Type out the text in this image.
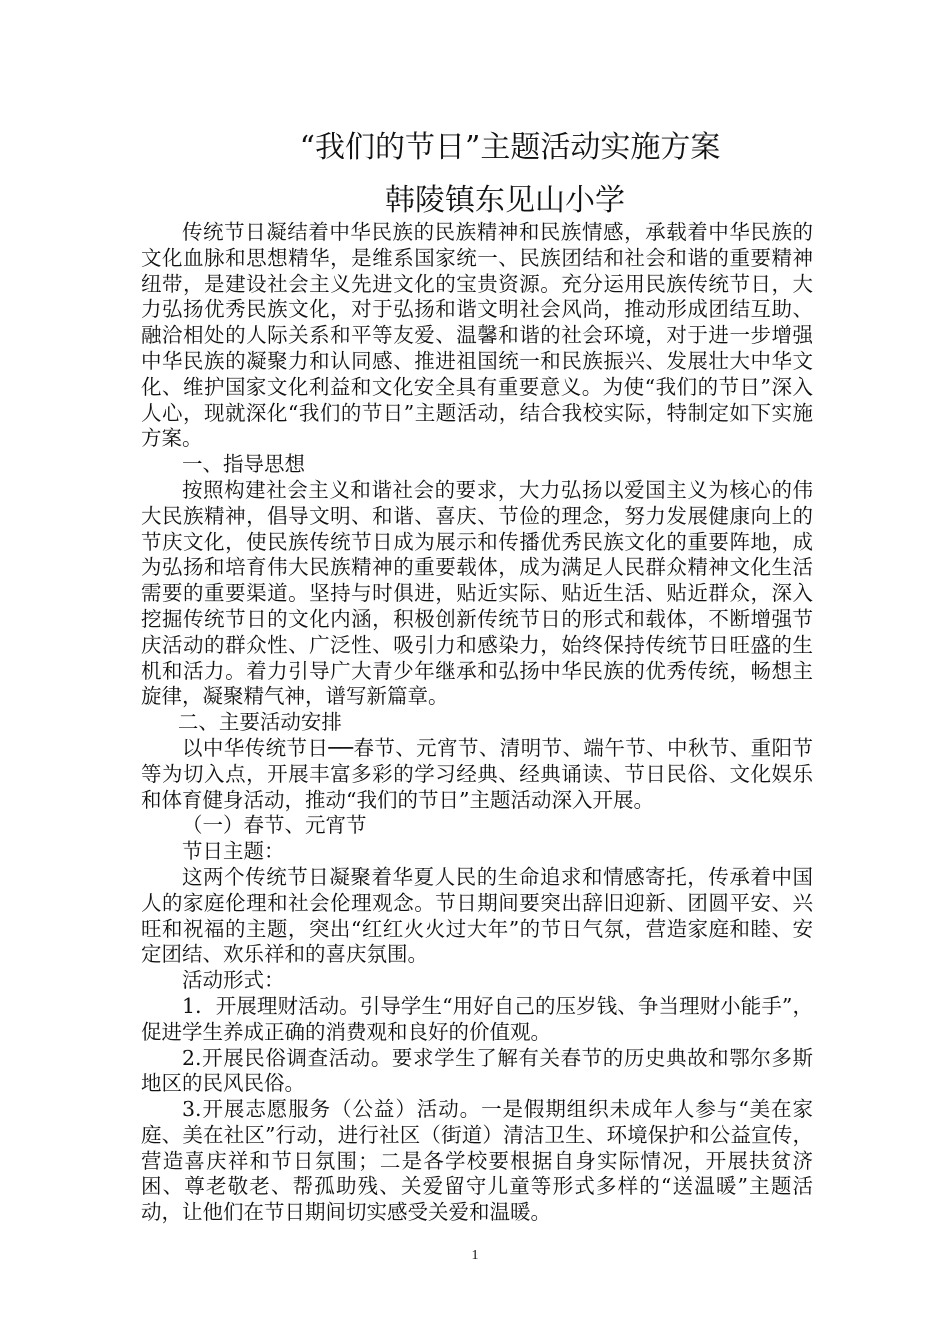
“我们的节日”主题活动实施方案
韩陵镇东见山小学

传统节日凝结着中华民族的民族精神和民族情感，承载着中华民族的文化血脉和思想精华，是维系国家统一、民族团结和社会和谐的重要精神纽带，是建设社会主义先进文化的宝贵资源。充分运用民族传统节日，大力弘扬优秀民族文化，对于弘扬和谐文明社会风尚，推动形成团结互助、融洽相处的人际关系和平等友爱、温馨和谐的社会环境，对于进一步增强中华民族的凝聚力和认同感、推进祖国统一和民族振兴、发展壮大中华文化、维护国家文化利益和文化安全具有重要意义。为使“我们的节日”深入人心，现就深化“我们的节日”主题活动，结合我校实际，特制定如下实施方案。

一、指导思想

按照构建社会主义和谐社会的要求，大力弘扬以爱国主义为核心的伟大民族精神，倡导文明、和谐、喜庆、节俭的理念，努力发展健康向上的节庆文化，使民族传统节日成为展示和传播优秀民族文化的重要阵地，成为弘扬和培育伟大民族精神的重要载体，成为满足人民群众精神文化生活需要的重要渠道。坚持与时俱进，贴近实际、贴近生活、贴近群众，深入挖掘传统节日的文化内涵，积极创新传统节日的形式和载体，不断增强节庆活动的群众性、广泛性、吸引力和感染力，始终保持传统节日旺盛的生机和活力。着力引导广大青少年继承和弘扬中华民族的优秀传统，畅想主旋律，凝聚精气神，谱写新篇章。

二、主要活动安排

以中华传统节日──春节、元宵节、清明节、端午节、中秋节、重阳节等为切入点，开展丰富多彩的学习经典、经典诵读、节日民俗、文化娱乐和体育健身活动，推动“我们的节日”主题活动深入开展。

（一）春节、元宵节

节日主题：

这两个传统节日凝聚着华夏人民的生命追求和情感寄托，传承着中国人的家庭伦理和社会伦理观念。节日期间要突出辞旧迎新、团圆平安、兴旺和祝福的主题，突出“红红火火过大年”的节日气氛，营造家庭和睦、安定团结、欢乐祥和的喜庆氛围。

活动形式：

1．开展理财活动。引导学生“用好自己的压岁钱、争当理财小能手”，促进学生养成正确的消费观和良好的价值观。

2.开展民俗调查活动。要求学生了解有关春节的历史典故和鄂尔多斯地区的民风民俗。

3.开展志愿服务（公益）活动。一是假期组织未成年人参与“美在家庭、美在社区”行动，进行社区（街道）清洁卫生、环境保护和公益宣传，营造喜庆祥和节日氛围；二是各学校要根据自身实际情况，开展扶贫济困、尊老敬老、帮孤助残、关爱留守儿童等形式多样的“送温暖”主题活动，让他们在节日期间切实感受关爱和温暖。

1
